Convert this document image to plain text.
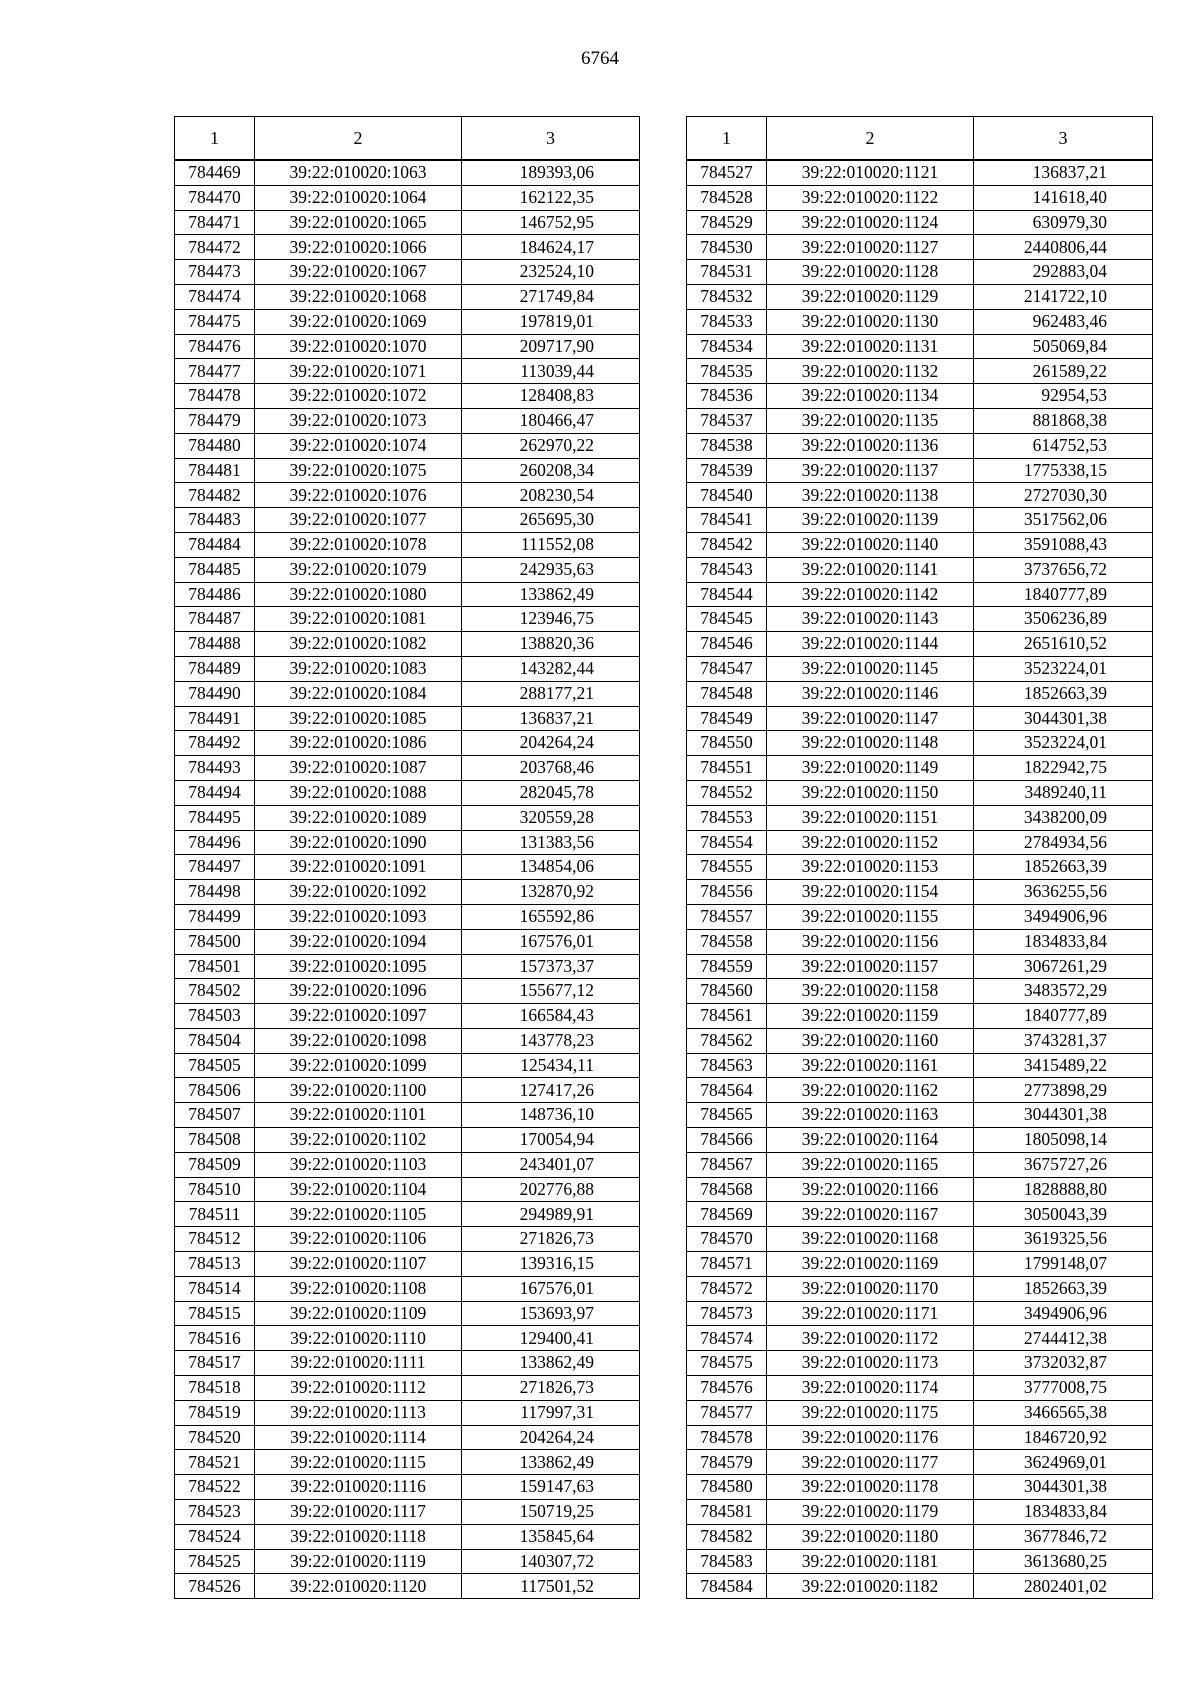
6764
1	2	3
784469	39:22:010020:1063	189393,06
784470	39:22:010020:1064	162122,35
784471	39:22:010020:1065	146752,95
784472	39:22:010020:1066	184624,17
784473	39:22:010020:1067	232524,10
784474	39:22:010020:1068	271749,84
784475	39:22:010020:1069	197819,01
784476	39:22:010020:1070	209717,90
784477	39:22:010020:1071	113039,44
784478	39:22:010020:1072	128408,83
784479	39:22:010020:1073	180466,47
784480	39:22:010020:1074	262970,22
784481	39:22:010020:1075	260208,34
784482	39:22:010020:1076	208230,54
784483	39:22:010020:1077	265695,30
784484	39:22:010020:1078	111552,08
784485	39:22:010020:1079	242935,63
784486	39:22:010020:1080	133862,49
784487	39:22:010020:1081	123946,75
784488	39:22:010020:1082	138820,36
784489	39:22:010020:1083	143282,44
784490	39:22:010020:1084	288177,21
784491	39:22:010020:1085	136837,21
784492	39:22:010020:1086	204264,24
784493	39:22:010020:1087	203768,46
784494	39:22:010020:1088	282045,78
784495	39:22:010020:1089	320559,28
784496	39:22:010020:1090	131383,56
784497	39:22:010020:1091	134854,06
784498	39:22:010020:1092	132870,92
784499	39:22:010020:1093	165592,86
784500	39:22:010020:1094	167576,01
784501	39:22:010020:1095	157373,37
784502	39:22:010020:1096	155677,12
784503	39:22:010020:1097	166584,43
784504	39:22:010020:1098	143778,23
784505	39:22:010020:1099	125434,11
784506	39:22:010020:1100	127417,26
784507	39:22:010020:1101	148736,10
784508	39:22:010020:1102	170054,94
784509	39:22:010020:1103	243401,07
784510	39:22:010020:1104	202776,88
784511	39:22:010020:1105	294989,91
784512	39:22:010020:1106	271826,73
784513	39:22:010020:1107	139316,15
784514	39:22:010020:1108	167576,01
784515	39:22:010020:1109	153693,97
784516	39:22:010020:1110	129400,41
784517	39:22:010020:1111	133862,49
784518	39:22:010020:1112	271826,73
784519	39:22:010020:1113	117997,31
784520	39:22:010020:1114	204264,24
784521	39:22:010020:1115	133862,49
784522	39:22:010020:1116	159147,63
784523	39:22:010020:1117	150719,25
784524	39:22:010020:1118	135845,64
784525	39:22:010020:1119	140307,72
784526	39:22:010020:1120	117501,52
1	2	3
784527	39:22:010020:1121	136837,21
784528	39:22:010020:1122	141618,40
784529	39:22:010020:1124	630979,30
784530	39:22:010020:1127	2440806,44
784531	39:22:010020:1128	292883,04
784532	39:22:010020:1129	2141722,10
784533	39:22:010020:1130	962483,46
784534	39:22:010020:1131	505069,84
784535	39:22:010020:1132	261589,22
784536	39:22:010020:1134	92954,53
784537	39:22:010020:1135	881868,38
784538	39:22:010020:1136	614752,53
784539	39:22:010020:1137	1775338,15
784540	39:22:010020:1138	2727030,30
784541	39:22:010020:1139	3517562,06
784542	39:22:010020:1140	3591088,43
784543	39:22:010020:1141	3737656,72
784544	39:22:010020:1142	1840777,89
784545	39:22:010020:1143	3506236,89
784546	39:22:010020:1144	2651610,52
784547	39:22:010020:1145	3523224,01
784548	39:22:010020:1146	1852663,39
784549	39:22:010020:1147	3044301,38
784550	39:22:010020:1148	3523224,01
784551	39:22:010020:1149	1822942,75
784552	39:22:010020:1150	3489240,11
784553	39:22:010020:1151	3438200,09
784554	39:22:010020:1152	2784934,56
784555	39:22:010020:1153	1852663,39
784556	39:22:010020:1154	3636255,56
784557	39:22:010020:1155	3494906,96
784558	39:22:010020:1156	1834833,84
784559	39:22:010020:1157	3067261,29
784560	39:22:010020:1158	3483572,29
784561	39:22:010020:1159	1840777,89
784562	39:22:010020:1160	3743281,37
784563	39:22:010020:1161	3415489,22
784564	39:22:010020:1162	2773898,29
784565	39:22:010020:1163	3044301,38
784566	39:22:010020:1164	1805098,14
784567	39:22:010020:1165	3675727,26
784568	39:22:010020:1166	1828888,80
784569	39:22:010020:1167	3050043,39
784570	39:22:010020:1168	3619325,56
784571	39:22:010020:1169	1799148,07
784572	39:22:010020:1170	1852663,39
784573	39:22:010020:1171	3494906,96
784574	39:22:010020:1172	2744412,38
784575	39:22:010020:1173	3732032,87
784576	39:22:010020:1174	3777008,75
784577	39:22:010020:1175	3466565,38
784578	39:22:010020:1176	1846720,92
784579	39:22:010020:1177	3624969,01
784580	39:22:010020:1178	3044301,38
784581	39:22:010020:1179	1834833,84
784582	39:22:010020:1180	3677846,72
784583	39:22:010020:1181	3613680,25
784584	39:22:010020:1182	2802401,02
